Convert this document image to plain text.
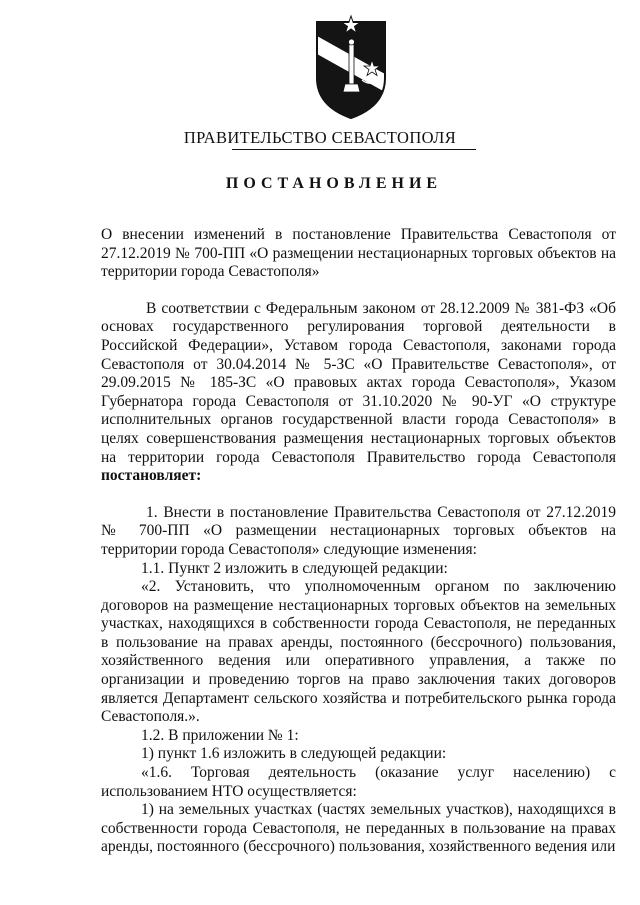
ПРАВИТЕЛЬСТВО СЕВАСТОПОЛЯ
ПОСТАНОВЛЕНИЕ

О внесении изменений в постановление Правительства Севастополя от 27.12.2019 № 700-ПП «О размещении нестационарных торговых объектов на территории города Севастополя»

В соответствии с Федеральным законом от 28.12.2009 № 381-ФЗ «Об основах государственного регулирования торговой деятельности в Российской Федерации», Уставом города Севастополя, законами города Севастополя от 30.04.2014 № 5-ЗС «О Правительстве Севастополя», от 29.09.2015 № 185-ЗС «О правовых актах города Севастополя», Указом Губернатора города Севастополя от 31.10.2020 № 90-УГ «О структуре исполнительных органов государственной власти города Севастополя» в целях совершенствования размещения нестационарных торговых объектов на территории города Севастополя Правительство города Севастополя постановляет:

1. Внести в постановление Правительства Севастополя от 27.12.2019 № 700-ПП «О размещении нестационарных торговых объектов на территории города Севастополя» следующие изменения:

1.1. Пункт 2 изложить в следующей редакции:

«2. Установить, что уполномоченным органом по заключению договоров на размещение нестационарных торговых объектов на земельных участках, находящихся в собственности города Севастополя, не переданных в пользование на правах аренды, постоянного (бессрочного) пользования, хозяйственного ведения или оперативного управления, а также по организации и проведению торгов на право заключения таких договоров является Департамент сельского хозяйства и потребительского рынка города Севастополя.».

1.2. В приложении № 1:

1) пункт 1.6 изложить в следующей редакции:

«1.6. Торговая деятельность (оказание услуг населению) с использованием НТО осуществляется:

1) на земельных участках (частях земельных участков), находящихся в собственности города Севастополя, не переданных в пользование на правах аренды, постоянного (бессрочного) пользования, хозяйственного ведения или
